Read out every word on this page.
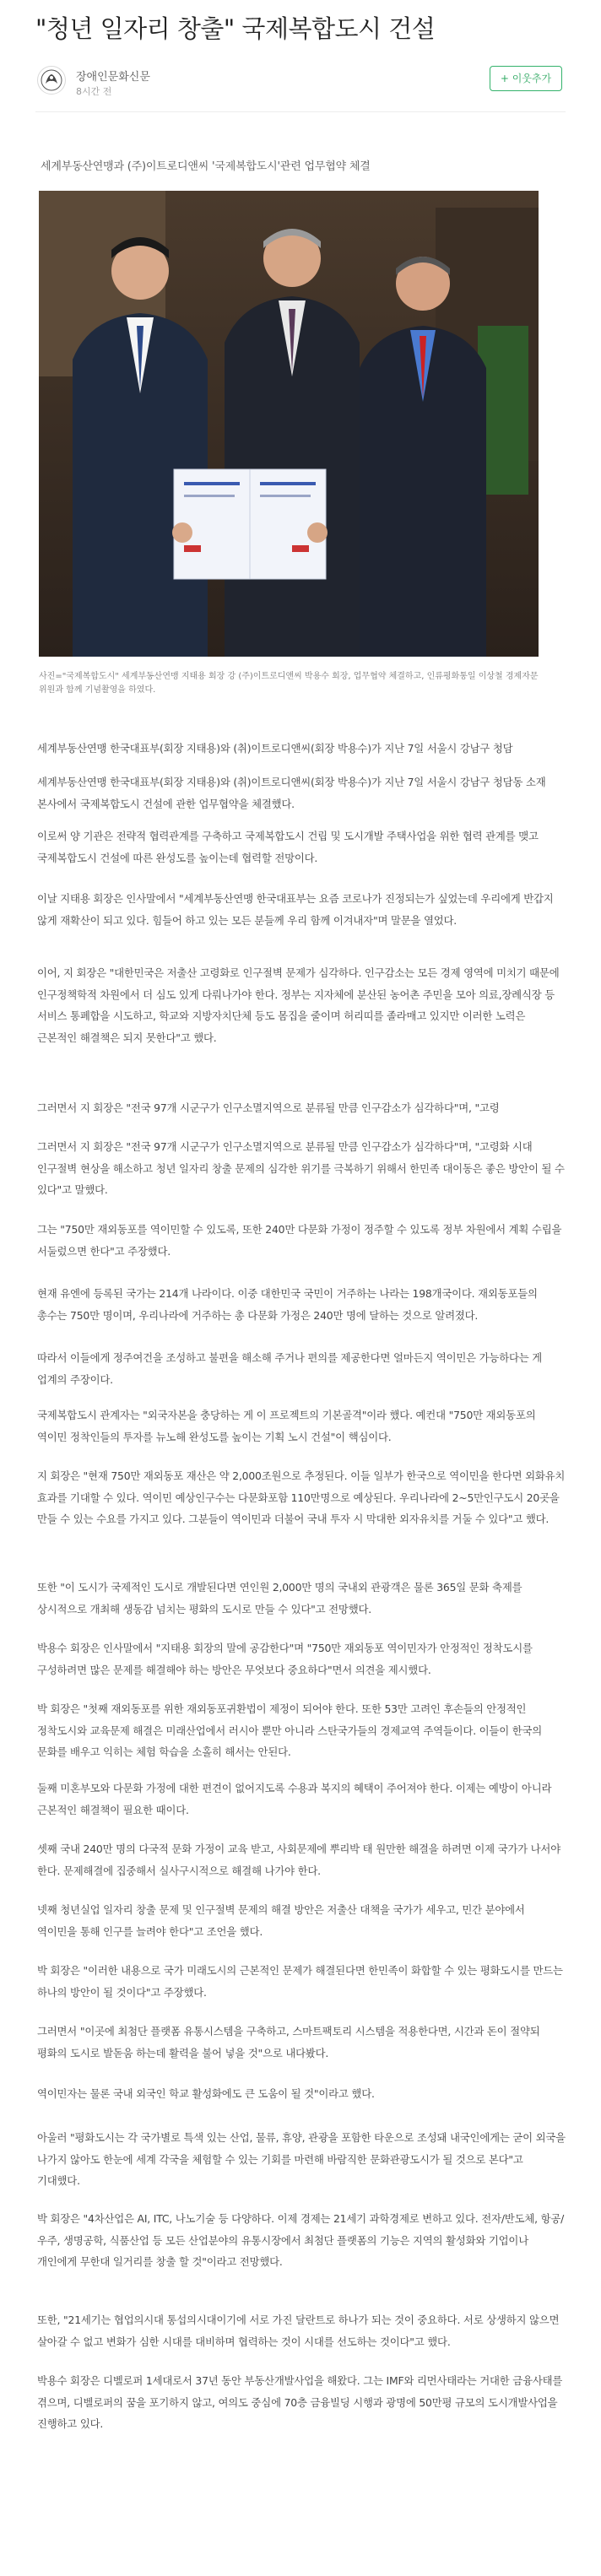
"청년 일자리 창출" 국제복합도시 건설
장애인문화신문
8시간 전
+ 이웃추가
세계부동산연맹과 (주)이트로디앤씨 '국제복합도시'관련 업무협약 체결
사진="국제복합도시" 세계부동산연맹 지태용 회장 강 (주)이트로디앤씨 박용수 회장, 업무협약 체결하고, 인류평화통일 이상철 경제자문위원과 함께 기념촬영을 하였다.

세계부동산연맹 한국대표부(회장 지태용)와 (취)이트로디앤씨(회장 박용수)가 지난 7일 서울시 강남구 청담

세계부동산연맹 한국대표부(회장 지태용)와 (취)이트로디앤씨(회장 박용수)가 지난 7일 서울시 강남구 청담동 소재 본사에서 국제복합도시 건설에 관한 업무협약을 체결했다.

이로써 양 기관은 전략적 협력관계를 구축하고 국제복합도시 건립 및 도시개발 주택사업을 위한 협력 관계를 맺고 국제복합도시 건설에 따른 완성도를 높이는데 협력할 전망이다.

이날 지태용 회장은 인사말에서 "세계부동산연맹 한국대표부는 요즘 코로나가 진정되는가 싶었는데 우리에게 반갑지 않게 재확산이 되고 있다. 힘들어 하고 있는 모든 분들께 우리 함께 이겨내자"며 말문을 열었다.

이어, 지 회장은 "대한민국은 저출산 고령화로 인구절벽 문제가 심각하다. 인구감소는 모든 경제 영역에 미치기 때문에 인구정책학적 차원에서 더 심도 있게 다뤄나가야 한다. 정부는 지자체에 분산된 농어촌 주민을 모아 의료,장례식장 등 서비스 통폐합을 시도하고, 학교와 지방자치단체 등도 몸집을 줄이며 허리띠를 졸라매고 있지만 이러한 노력은 근본적인 해결책은 되지 못한다"고 했다.

그러면서 지 회장은 "전국 97개 시군구가 인구소멸지역으로 분류될 만큼 인구감소가 심각하다"며, "고령

그러면서 지 회장은 "전국 97개 시군구가 인구소멸지역으로 분류될 만큼 인구감소가 심각하다"며, "고령화 시대 인구절벽 현상을 해소하고 청년 일자리 창출 문제의 심각한 위기를 극복하기 위해서 한민족 대이동은 좋은 방안이 될 수 있다"고 말했다.

그는 "750만 재외동포를 역이민할 수 있도록, 또한 240만 다문화 가정이 정주할 수 있도록 정부 차원에서 계획 수립을 서둘렀으면 한다"고 주장했다.

현재 유엔에 등록된 국가는 214개 나라이다. 이중 대한민국 국민이 거주하는 나라는 198개국이다. 재외동포들의 총수는 750만 명이며, 우리나라에 거주하는 총 다문화 가정은 240만 명에 달하는 것으로 알려졌다.

따라서 이들에게 정주여건을 조성하고 불편을 해소해 주거나 편의를 제공한다면 얼마든지 역이민은 가능하다는 게 업계의 주장이다.

국제복합도시 관계자는 "외국자본을 충당하는 게 이 프로젝트의 기본골격"이라 했다. 예컨대 "750만 재외동포의 역이민 정착인들의 투자를 뉴노해 완성도를 높이는 기획 노시 건설"이 핵심이다.

지 회장은 "현재 750만 재외동포 재산은 약 2,000조원으로 추정된다. 이들 일부가 한국으로 역이민을 한다면 외화유치 효과를 기대할 수 있다. 역이민 예상인구수는 다문화포함 110만명으로 예상된다. 우리나라에 2~5만인구도시 20곳을 만들 수 있는 수요를 가지고 있다. 그분들이 역이민과 더불어 국내 투자 시 막대한 외자유치를 거둘 수 있다"고 했다.

또한 "이 도시가 국제적인 도시로 개발된다면 연인원 2,000만 명의 국내외 관광객은 물론 365일 문화 축제를 상시적으로 개최해 생동감 넘치는 평화의 도시로 만들 수 있다"고 전망했다.

박용수 회장은 인사말에서 "지태용 회장의 말에 공감한다"며 "750만 재외동포 역이민자가 안정적인 정착도시를 구성하려면 많은 문제를 해결해야 하는 방안은 무엇보다 중요하다"면서 의견을 제시했다.

박 회장은 "첫째 재외동포를 위한 재외동포귀환법이 제정이 되어야 한다. 또한 53만 고려인 후손들의 안정적인 정착도시와 교육문제 해결은 미래산업에서 러시아 뿐만 아니라 스탄국가들의 경제교역 주역들이다. 이들이 한국의 문화를 배우고 익히는 체험 학습을 소홀히 해서는 안된다.

둘째 미혼부모와 다문화 가정에 대한 편견이 없어지도록 수용과 복지의 혜택이 주어져야 한다. 이제는 예방이 아니라 근본적인 해결책이 필요한 때이다.

셋째 국내 240만 명의 다국적 문화 가정이 교육 받고, 사회문제에 뿌리박 태 원만한 해결을 하려면 이제 국가가 나서야 한다. 문제해결에 집중해서 실사구시적으로 해결해 나가야 한다.

넷째 청년실업 일자리 창출 문제 및 인구절벽 문제의 해결 방안은 저출산 대책을 국가가 세우고, 민간 분야에서 역이민을 통해 인구를 늘려야 한다"고 조언을 했다.

박 회장은 "이러한 내용으로 국가 미래도시의 근본적인 문제가 해결된다면 한민족이 화합할 수 있는 평화도시를 만드는 하나의 방안이 될 것이다"고 주장했다.

그러면서 "이곳에 최첨단 플랫폼 유통시스템을 구축하고, 스마트팩토리 시스템을 적용한다면, 시간과 돈이 절약되 평화의 도시로 발돋움 하는데 활력을 불어 넣을 것"으로 내다봤다.

역이민자는 물론 국내 외국인 학교 활성화에도 큰 도움이 될 것"이라고 했다.

아울러 "평화도시는 각 국가별로 특색 있는 산업, 물류, 휴양, 관광을 포함한 타운으로 조성돼 내국인에게는 굳이 외국을 나가지 않아도 한눈에 세계 각국을 체험할 수 있는 기회를 마련해 바람직한 문화관광도시가 될 것으로 본다"고 기대했다.

박 회장은 "4차산업은 AI, ITC, 나노기술 등 다양하다. 이제 경제는 21세기 과학경제로 변하고 있다. 전자/반도체, 항공/우주, 생명공학, 식품산업 등 모든 산업분야의 유통시장에서 최첨단 플랫폼의 기능은 지역의 활성화와 기업이나 개인에게 무한대 일거리를 창출 할 것"이라고 전망했다.

또한, "21세기는 협업의시대 통섭의시대이기에 서로 가진 달란트로 하나가 되는 것이 중요하다. 서로 상생하지 않으면 살아갈 수 없고 변화가 심한 시대를 대비하며 협력하는 것이 시대를 선도하는 것이다"고 했다.

박용수 회장은 디벨로퍼 1세대로서 37년 동안 부동산개발사업을 해왔다. 그는 IMF와 리먼사태라는 거대한 금융사태를 겪으며, 디벨로퍼의 꿈을 포기하지 않고, 여의도 중심에 70층 금융빌딩 시행과 광명에 50만평 규모의 도시개발사업을 진행하고 있다.
